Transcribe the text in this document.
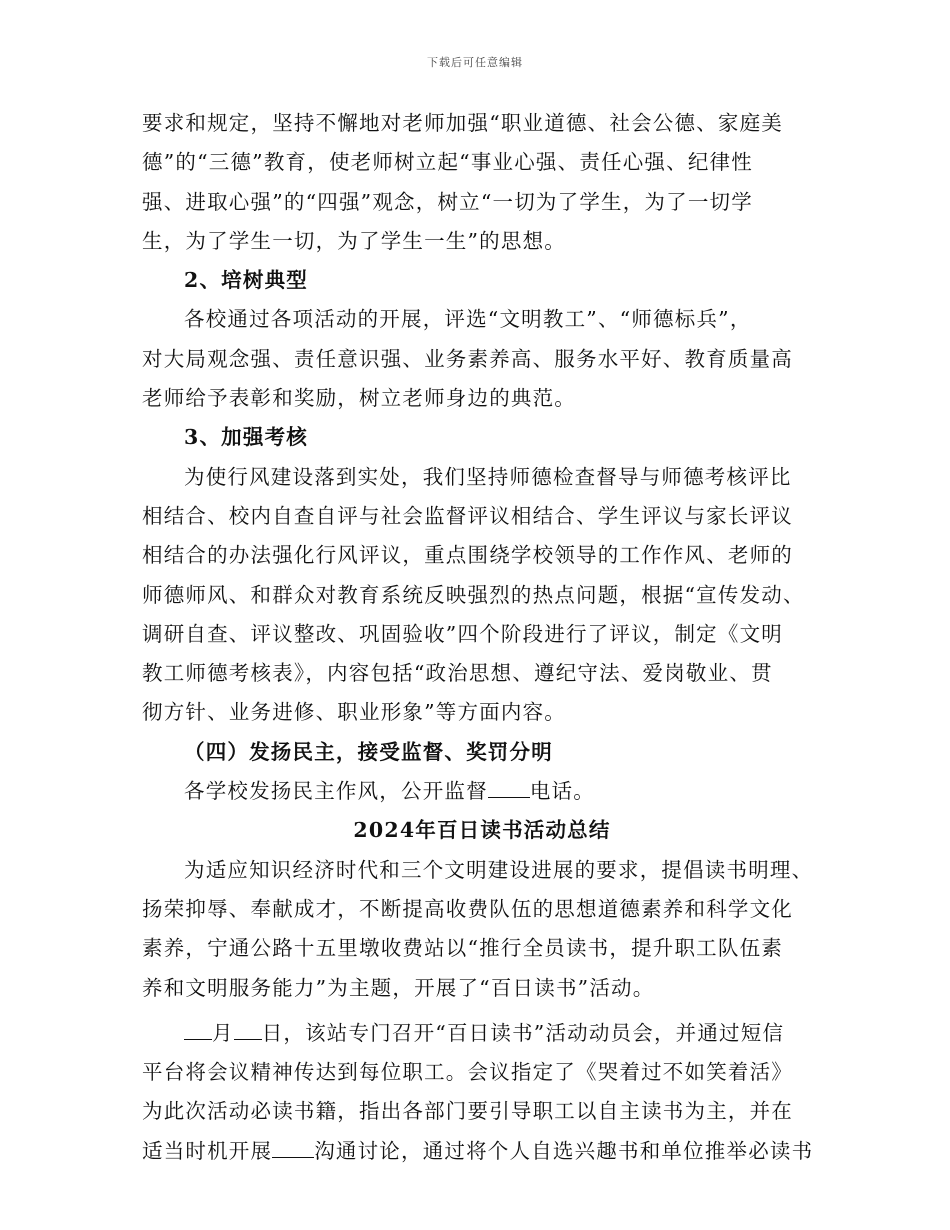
下载后可任意编辑
要求和规定，坚持不懈地对老师加强“职业道德、社会公德、家庭美
德”的“三德”教育，使老师树立起“事业心强、责任心强、纪律性
强、进取心强”的“四强”观念，树立“一切为了学生，为了一切学
生，为了学生一切，为了学生一生”的思想。
2、培树典型
各校通过各项活动的开展，评选“文明教工”、“师德标兵”，
对大局观念强、责任意识强、业务素养高、服务水平好、教育质量高
老师给予表彰和奖励，树立老师身边的典范。
3、加强考核
为使行风建设落到实处，我们坚持师德检查督导与师德考核评比
相结合、校内自查自评与社会监督评议相结合、学生评议与家长评议
相结合的办法强化行风评议，重点围绕学校领导的工作作风、老师的
师德师风、和群众对教育系统反映强烈的热点问题，根据“宣传发动、
调研自查、评议整改、巩固验收”四个阶段进行了评议，制定《文明
教工师德考核表》，内容包括“政治思想、遵纪守法、爱岗敬业、贯
彻方针、业务进修、职业形象”等方面内容。
（四）发扬民主，接受监督、奖罚分明
各学校发扬民主作风，公开监督 电话。
2024年百日读书活动总结
为适应知识经济时代和三个文明建设进展的要求，提倡读书明理、
扬荣抑辱、奉献成才，不断提高收费队伍的思想道德素养和科学文化
素养，宁通公路十五里墩收费站以“推行全员读书，提升职工队伍素
养和文明服务能力”为主题，开展了“百日读书”活动。
月 日，该站专门召开“百日读书”活动动员会，并通过短信
平台将会议精神传达到每位职工。会议指定了《哭着过不如笑着活》
为此次活动必读书籍，指出各部门要引导职工以自主读书为主，并在
适当时机开展 沟通讨论，通过将个人自选兴趣书和单位推举必读书
